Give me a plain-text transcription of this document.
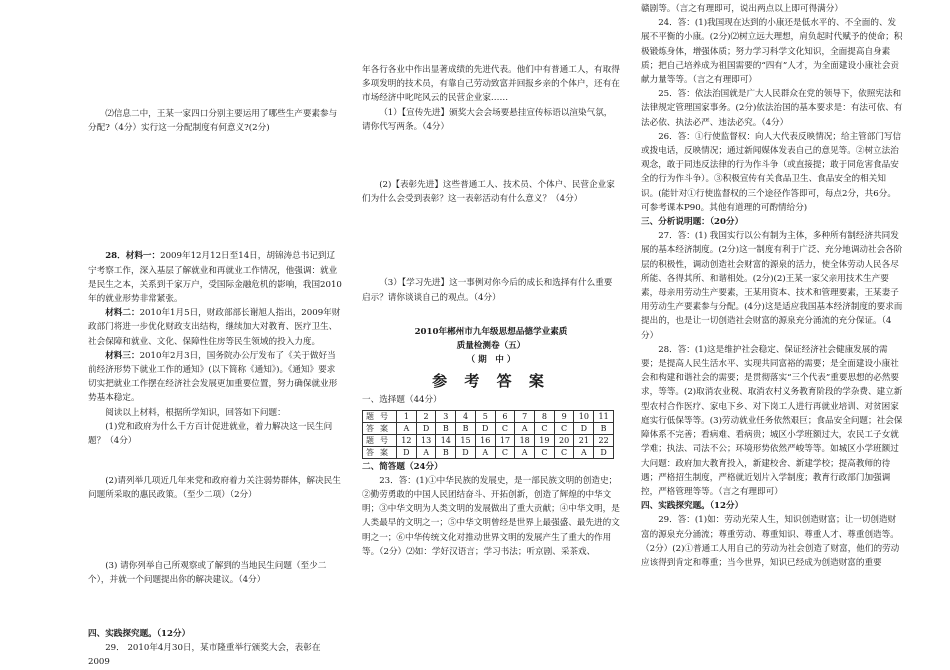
⑵信息二中，王某一家四口分别主要运用了哪些生产要素参与分配?（4分）实行这一分配制度有何意义?(2分)

28．材料一：2009年12月12日至14日，胡锦涛总书记到辽宁考察工作，深入基层了解就业和再就业工作情况，他强调：就业是民生之本，关系到千家万户，受国际金融危机的影响，我国2010年的就业形势非常紧张。

材料二：2010年1月5日，财政部部长谢旭人指出，2009年财政部门将进一步优化财政支出结构，继续加大对教育、医疗卫生、社会保障和就业、文化、保障性住房等民生领域的投入力度。

材料三：2010年2月3日，国务院办公厅发布了《关于做好当前经济形势下就业工作的通知》(以下简称《通知》)。《通知》要求切实把就业工作摆在经济社会发展更加重要位置，努力确保就业形势基本稳定。

阅读以上材料，根据所学知识，回答如下问题：

(1)党和政府为什么千方百计促进就业，着力解决这一民生问题？（4分）

(2)请列举几项近几年来党和政府着力关注弱势群体，解决民生问题所采取的惠民政策。（至少二项）（2分）

(3) 请你列举自己所观察或了解到的当地民生问题（至少二个），并就一个问题提出你的解决建议。（4分）

四、实践探究题。（12分）

29． 2010年4月30日，某市隆重举行颁奖大会，表彰在2009

年各行各业中作出显著成绩的先进代表。他们中有普通工人，有取得多项发明的技术员，有靠自己劳动致富并回报乡亲的个体户，还有在市场经济中叱咤风云的民营企业家……

（1）【宣传先进】颁奖大会会场要悬挂宣传标语以渲染气氛，请你代写两条。（4分）

(2)【表彰先进】这些普通工人、技术员、个体户、民营企业家们为什么会受到表彰？这一表彰活动有什么意义？（4分）

（3）【学习先进】这一事例对你今后的成长和选择有什么重要启示？请你谈谈自己的观点。（4分）

2010年郴州市九年级思想品德学业素质

质量检测卷（五）

（ 期　中 ）

参 考 答 案

一、选择题（44分）

题号	1	2	3	4	5	6	7	8	9	10	11
答案	A	D	B	B	D	C	A	C	C	D	B
题号	12	13	14	15	16	17	18	19	20	21	22
答案	D	A	B	D	A	C	A	C	C	A	D

二、简答题（24分）

23．答：(1)①中华民族的发展史，是一部民族文明的创造史；②勤劳勇敢的中国人民团结奋斗、开拓创新，创造了辉煌的中华文明；③中华文明为人类文明的发展做出了重大贡献；④中华文明，是人类最早的文明之一；⑤中华文明曾经是世界上最强盛、最先进的文明之一；⑥中华传统文化对推动世界文明的发展产生了重大的作用等。（2分）⑵如：学好汉语言；学习书法；听京剧、采茶戏、

赣剧等。（言之有理即可，说出两点以上即可得满分）

24．答：(1)我国现在达到的小康还是低水平的、不全面的、发展不平衡的小康。(2分)⑵树立远大理想，肩负起时代赋予的使命；积极锻炼身体，增强体质；努力学习科学文化知识，全面提高自身素质；把自己培养成为祖国需要的“四有”人才，为全面建设小康社会贡献力量等等。（言之有理即可）

25．答：依法治国就是广大人民群众在党的领导下，依照宪法和法律规定管理国家事务。(2分)依法治国的基本要求是：有法可依、有法必依、执法必严、违法必究。（4分）

26．答：①行使监督权：向人大代表反映情况；给主管部门写信或拨电话，反映情况；通过新闻媒体发表自己的意见等。②树立法治观念，敢于同违反法律的行为作斗争（或直接提；敢于同危害食品安全的行为作斗争）。③积极宣传有关食品卫生、食品安全的相关知识。(能针对①行使监督权的三个途径作答即可，每点2分，共6分。可参考课本P90。其他有道理的可酌情给分)

三、分析说明题：（20分）

27．答：(1) 我国实行以公有制为主体，多种所有制经济共同发展的基本经济制度。(2分)这一制度有利于广泛、充分地调动社会各阶层的积极性，调动创造社会财富的源泉的活力，使全体劳动人民各尽所能、各得其所、和谐相处。(2分)(2)王某一家父亲用技术生产要素，母亲用劳动生产要素，王某用资本、技术和管理要素，王某妻子用劳动生产要素参与分配。(4分)这是适应我国基本经济制度的要求而提出的，也是让一切创造社会财富的源泉充分涌流的充分保证。（4分）

28．答：(1)这是维护社会稳定、保证经济社会健康发展的需要；是提高人民生活水平、实现共同富裕的需要；是全面建设小康社会和构建和谐社会的需要；是贯彻落实“三个代表”重要思想的必然要求，等等。(2)取消农业税、取消农村义务教育阶段的学杂费、建立新型农村合作医疗、家电下乡、对下岗工人进行再就业培训、对贫困家庭实行低保等等。(3)劳动就业任务依然艰巨；食品安全问题；社会保障体系不完善；看病难、看病贵；城区小学班额过大，农民工子女就学难；执法、司法不公；环境形势依然严峻等等。如城区小学班额过大问题：政府加大教育投入，新建校舍、新建学校；提高教师的待遇；严格招生制度，严格就近划片入学制度；教育行政部门加强调控，严格管理等等。（言之有理即可）

四、实践探究题。（12分）

29．答：(1)如：劳动光荣人生，知识创造财富；让一切创造财富的源泉充分涌流；尊重劳动、尊重知识、尊重人才、尊重创造等。

（2分）(2)①普通工人用自己的劳动为社会创造了财富，他们的劳动应该得到肯定和尊重；当今世界，知识已经成为创造财富的重要
